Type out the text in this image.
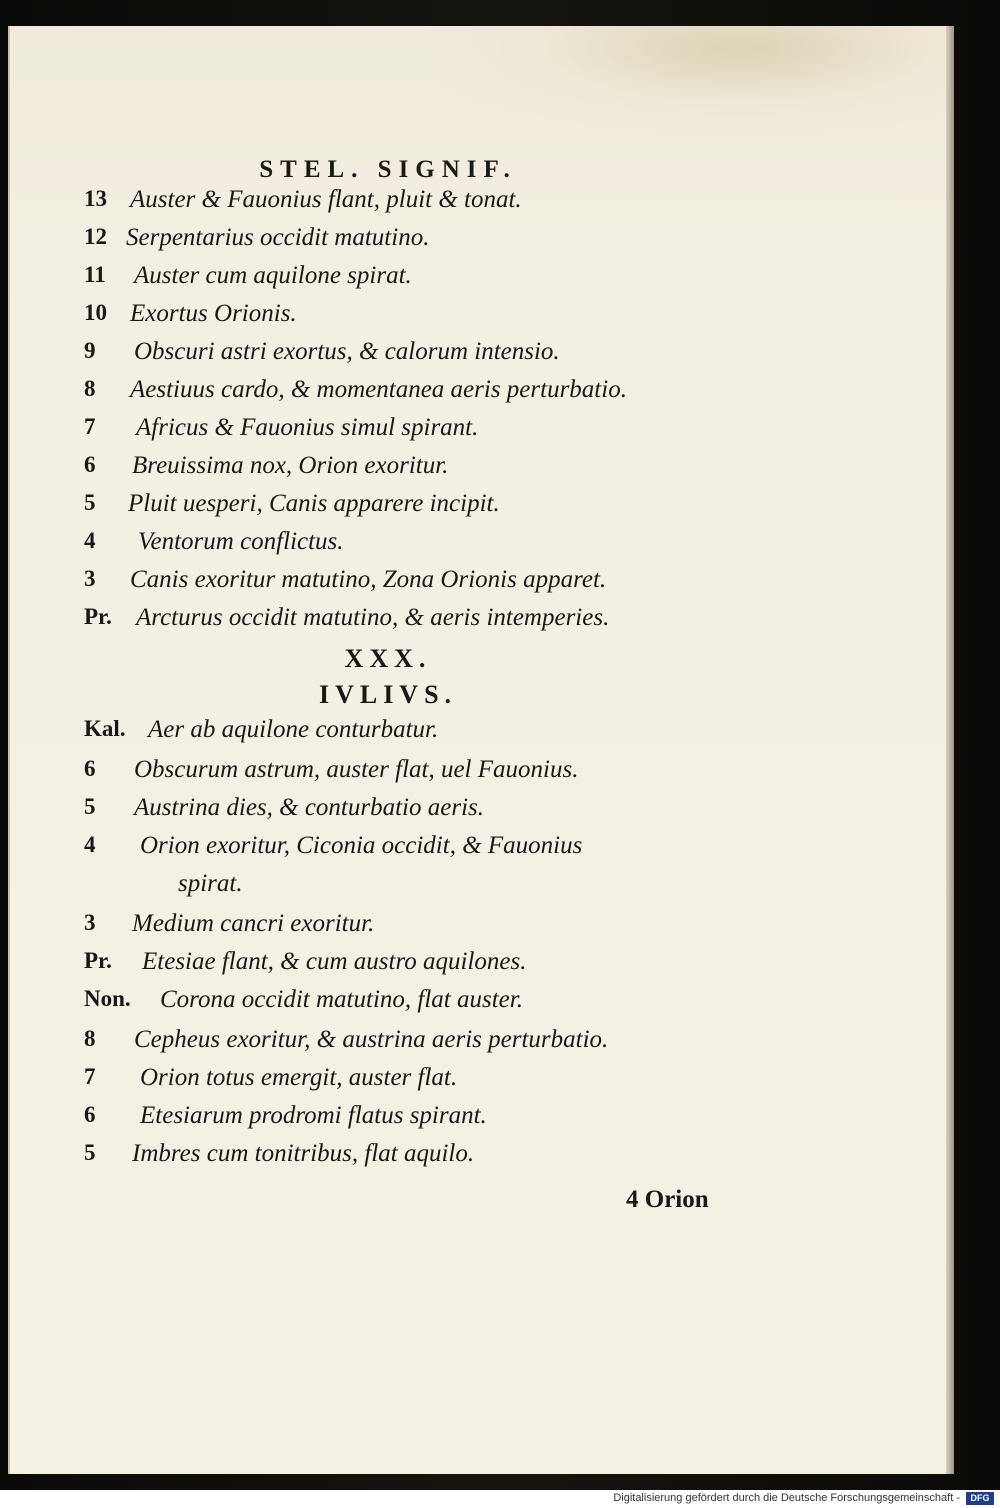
STEL. SIGNIF.
13 Auster & Fauonius flant, pluit & tonat.
12 Serpentarius occidit matutino.
11	Auster cum aquilone spirat.
10 Exortus Orionis.
9	Obscuri astri exortus, & calorum intensio.
8	Aestiuus cardo, & momentanea aeris perturbatio.
7	Africus & Fauonius simul spirant.
6	Breuissima nox, Orion exoritur.
5	Pluit uesperi, Canis apparere incipit.
4	Ventorum conflictus.
3	Canis exoritur matutino, Zona Orionis apparet.
Pr. Arcturus occidit matutino, & aeris intemperies.
XXX.
IVLIVS.
Kal. Aer ab aquilone conturbatur.
6	Obscurum astrum, auster flat, uel Fauonius.
5	Austrina dies, & conturbatio aeris.
4	Orion exoritur, Ciconia occidit, & Fauonius
spirat.
3	Medium cancri exoritur.
Pr. Etesiae flant, & cum austro aquilones.
Non. Corona occidit matutino, flat auster.
8	Cepheus exoritur, & austrina aeris perturbatio.
7	Orion totus emergit, auster flat.
6	Etesiarum prodromi flatus spirant.
5	Imbres cum tonitribus, flat aquilo.
4 Orion
Digitalisierung gefördert durch die Deutsche Forschungsgemeinschaft -	DFG
